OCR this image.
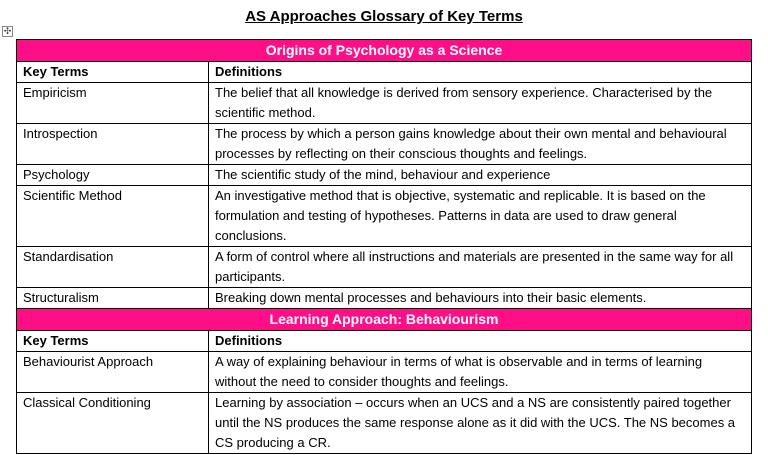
AS Approaches Glossary of Key Terms
✣
Origins of Psychology as a Science	
Key Terms	Definitions
Empiricism	The belief that all knowledge is derived from sensory experience. Characterised by the scientific method.
Introspection	The process by which a person gains knowledge about their own mental and behavioural processes by reflecting on their conscious thoughts and feelings.
Psychology	The scientific study of the mind, behaviour and experience
Scientific Method	An investigative method that is objective, systematic and replicable. It is based on the formulation and testing of hypotheses. Patterns in data are used to draw general conclusions.
Standardisation	A form of control where all instructions and materials are presented in the same way for all participants.
Structuralism	Breaking down mental processes and behaviours into their basic elements.
Learning Approach: Behaviourism	
Key Terms	Definitions
Behaviourist Approach	A way of explaining behaviour in terms of what is observable and in terms of learning without the need to consider thoughts and feelings.
Classical Conditioning	Learning by association – occurs when an UCS and a NS are consistently paired together until the NS produces the same response alone as it did with the UCS. The NS becomes a CS producing a CR.
